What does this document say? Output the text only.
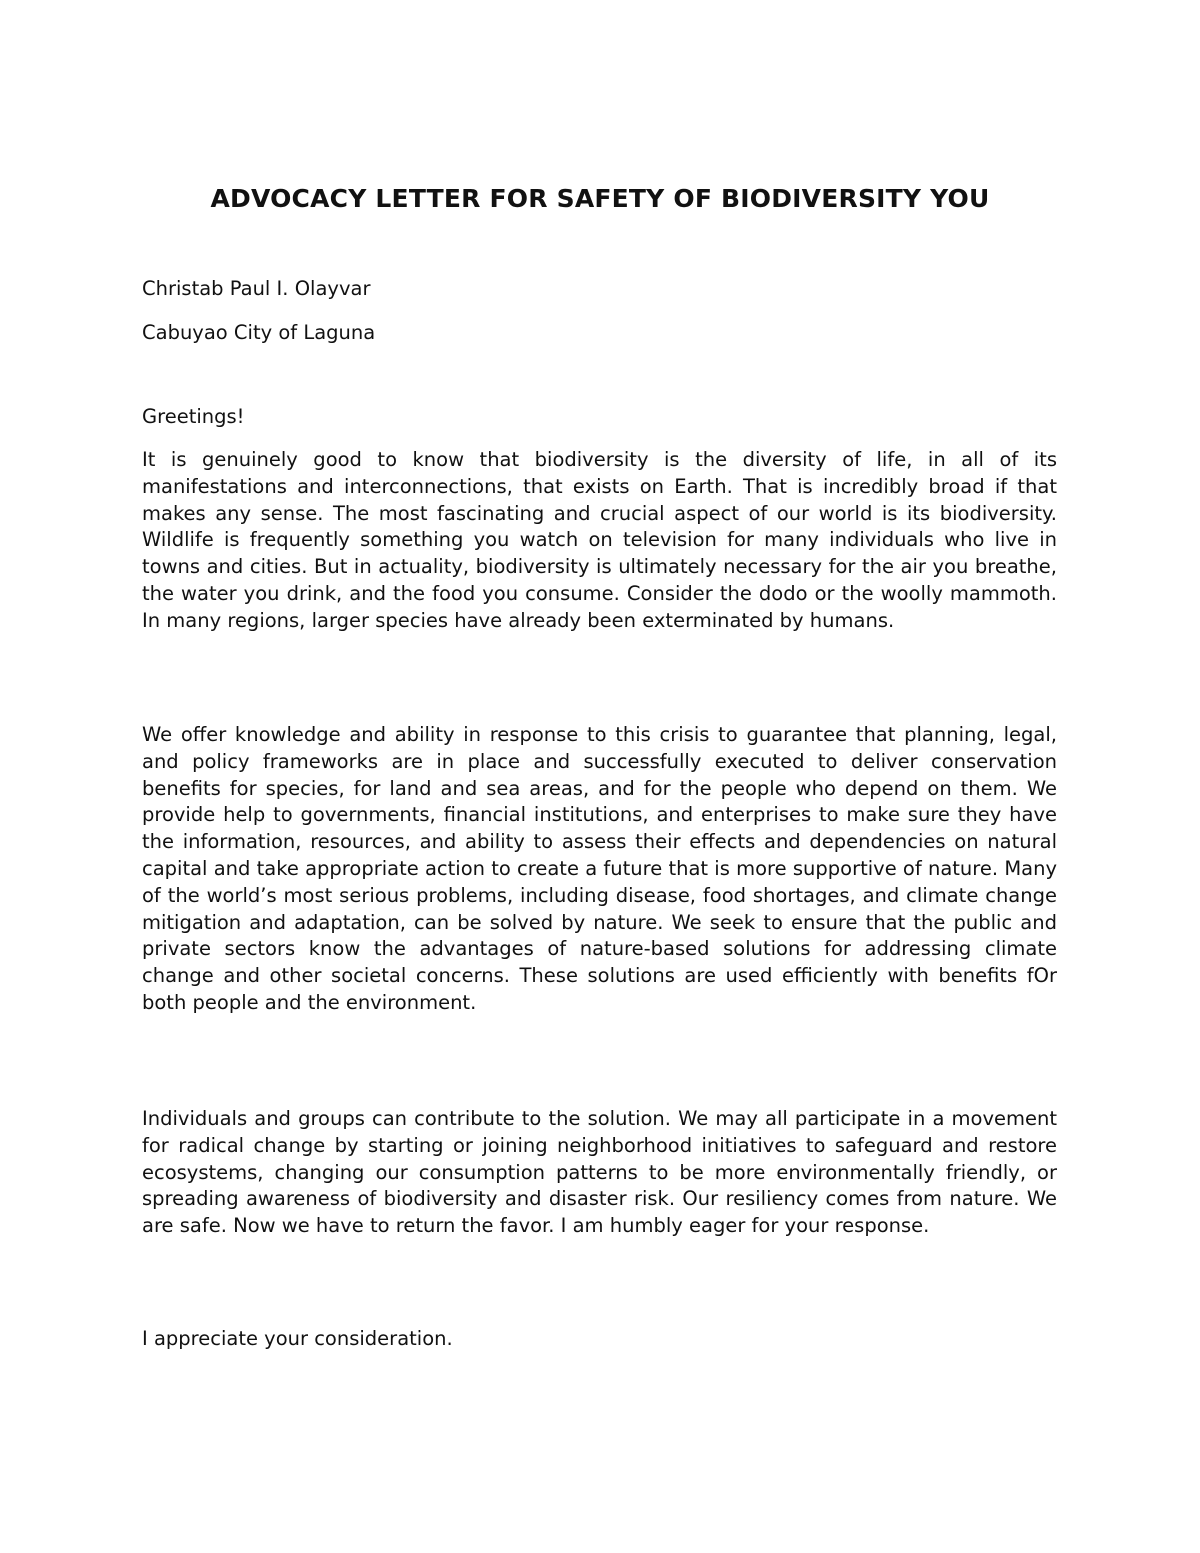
ADVOCACY LETTER FOR SAFETY OF BIODIVERSITY YOU

Christab Paul I. Olayvar

Cabuyao City of Laguna

Greetings!

It is genuinely good to know that biodiversity is the diversity of life, in all of its manifestations and interconnections, that exists on Earth. That is incredibly broad if that makes any sense. The most fascinating and crucial aspect of our world is its biodiversity. Wildlife is frequently something you watch on television for many individuals who live in towns and cities. But in actuality, biodiversity is ultimately necessary for the air you breathe, the water you drink, and the food you consume. Consider the dodo or the woolly mammoth. In many regions, larger species have already been exterminated by humans.

We offer knowledge and ability in response to this crisis to guarantee that planning, legal, and policy frameworks are in place and successfully executed to deliver conservation benefits for species, for land and sea areas, and for the people who depend on them. We provide help to governments, financial institutions, and enterprises to make sure they have the information, resources, and ability to assess their effects and dependencies on natural capital and take appropriate action to create a future that is more supportive of nature. Many of the world’s most serious problems, including disease, food shortages, and climate change mitigation and adaptation, can be solved by nature. We seek to ensure that the public and private sectors know the advantages of nature-based solutions for addressing climate change and other societal concerns. These solutions are used efficiently with benefits fOr both people and the environment.

Individuals and groups can contribute to the solution. We may all participate in a movement for radical change by starting or joining neighborhood initiatives to safeguard and restore ecosystems, changing our consumption patterns to be more environmentally friendly, or spreading awareness of biodiversity and disaster risk. Our resiliency comes from nature. We are safe. Now we have to return the favor. I am humbly eager for your response.

I appreciate your consideration.
